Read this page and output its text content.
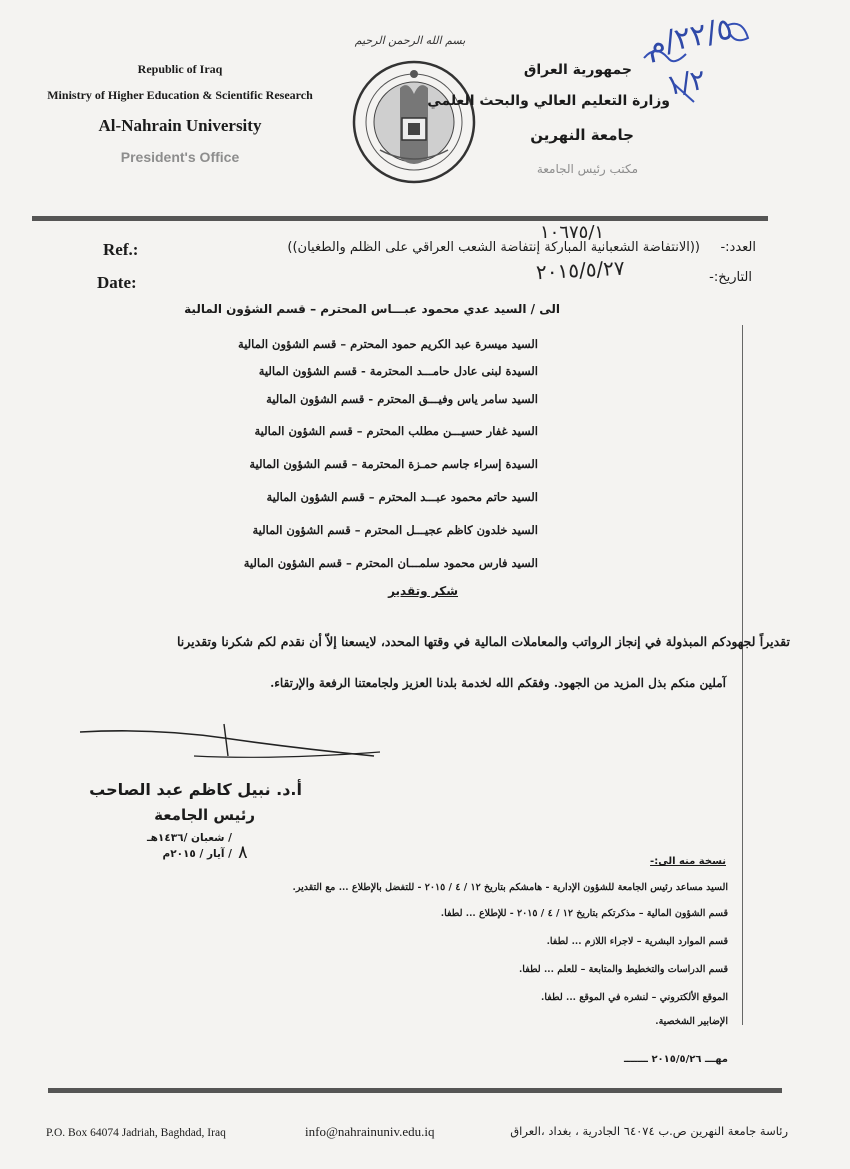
Republic of Iraq
Ministry of Higher Education & Scientific Research
Al-Nahrain University
President's Office
بسم الله الرحمن الرحيم
جمهورية العراق
وزارة التعليم العالي والبحث العلمي
جامعة النهرين
مكتب رئيس الجامعة
٢٢/٥/م
١/٢
Ref.:	((الانتفاضة الشعبانية المباركة إنتفاضة الشعب العراقي على الظلم والطغيان)) العدد:-
١٠٦٧٥/١
Date:	التاريخ:-
٢٠١٥/٥/٢٧
الى / السيد عدي محمود عبـــاس المحترم – قسم الشؤون المالية
السيد ميسرة عبد الكريم حمود المحترم – قسم الشؤون المالية
السيدة لبنى عادل حامـــد المحترمة - قسم الشؤون المالية
السيد سامر ياس وفيـــق المحترم - قسم الشؤون المالية
السيد غفار حسيـــن مطلب المحترم – قسم الشؤون المالية
السيدة إسراء جاسم حمـزة المحترمة – قسم الشؤون المالية
السيد حاتم محمود عبـــد المحترم – قسم الشؤون المالية
السيد خلدون كاظم عجيـــل المحترم – قسم الشؤون المالية
السيد فارس محمود سلمـــان المحترم – قسم الشؤون المالية
شكر وتقدير
تقديراً لجهودكم المبذولة في إنجاز الرواتب والمعاملات المالية في وقتها المحدد، لايسعنا إلاّ أن نقدم لكم شكرنا وتقديرنا
آملين منكم بذل المزيد من الجهود. وفقكم الله لخدمة بلدنا العزيز ولجامعتنا الرفعة والإرتقاء.
أ.د. نبيل كاظم عبد الصاحب
رئيس الجامعة
/ شعبان /١٤٣٦هـ
/ آيار / ٢٠١٥م ٨	نسخة منه الى:-
السيد مساعد رئيس الجامعة للشؤون الإدارية - هامشكم بتاريخ ١٢ / ٤ / ٢٠١٥ - للتفضل بالإطلاع ... مع التقدير.
قسم الشؤون المالية – مذكرتكم بتاريخ ١٢ / ٤ / ٢٠١٥ - للإطلاع ... لطفا.
قسم الموارد البشرية – لاجراء اللازم ... لطفا.
قسم الدراسات والتخطيط والمتابعة – للعلم ... لطفا.
الموقع الألكتروني – لنشره في الموقع ... لطفا.
الإضابير الشخصية.
مهـــ ٢٠١٥/٥/٢٦ ـــــــ
P.O. Box 64074 Jadriah, Baghdad, Iraq	info@nahrainuniv.edu.iq	رئاسة جامعة النهرين ص.ب ٦٤٠٧٤ الجادرية ، بغداد ،العراق
